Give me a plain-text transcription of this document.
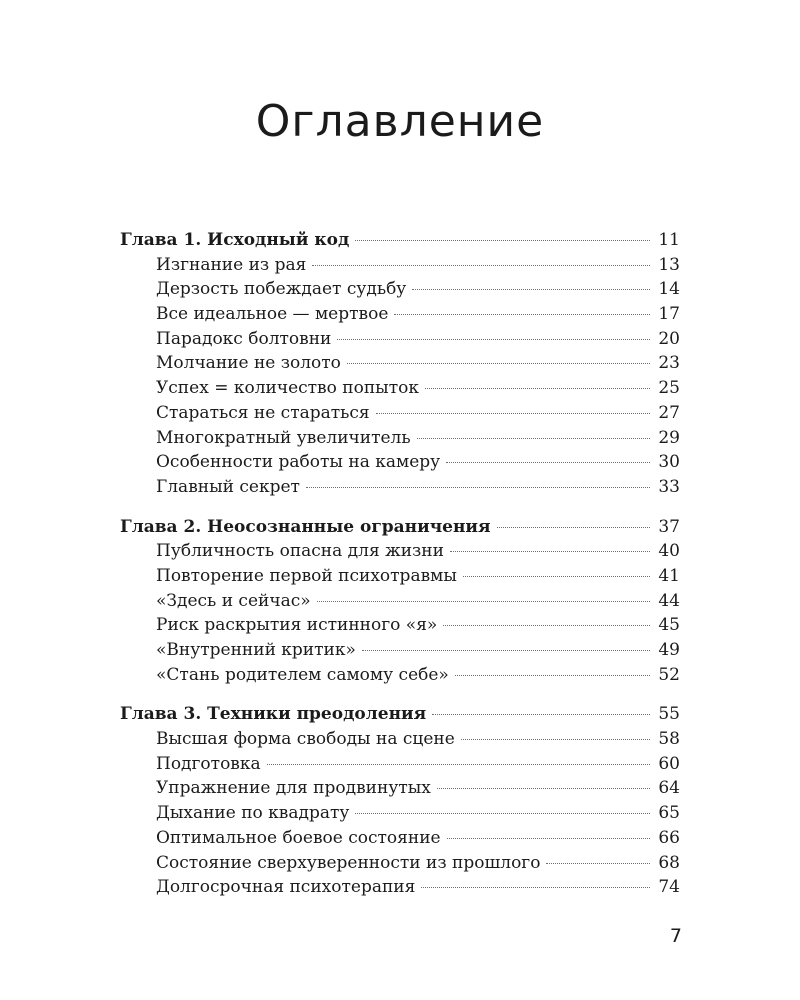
Оглавление
Глава 1. Исходный код	11
Изгнание из рая	13
Дерзость побеждает судьбу	14
Все идеальное — мертвое	17
Парадокс болтовни	20
Молчание не золото	23
Успех = количество попыток	25
Стараться не стараться	27
Многократный увеличитель	29
Особенности работы на камеру	30
Главный секрет	33
Глава 2. Неосознанные ограничения	37
Публичность опасна для жизни	40
Повторение первой психотравмы	41
«Здесь и сейчас»	44
Риск раскрытия истинного «я»	45
«Внутренний критик»	49
«Стань родителем самому себе»	52
Глава 3. Техники преодоления	55
Высшая форма свободы на сцене	58
Подготовка	60
Упражнение для продвинутых	64
Дыхание по квадрату	65
Оптимальное боевое состояние	66
Состояние сверхуверенности из прошлого	68
Долгосрочная психотерапия	74
7
